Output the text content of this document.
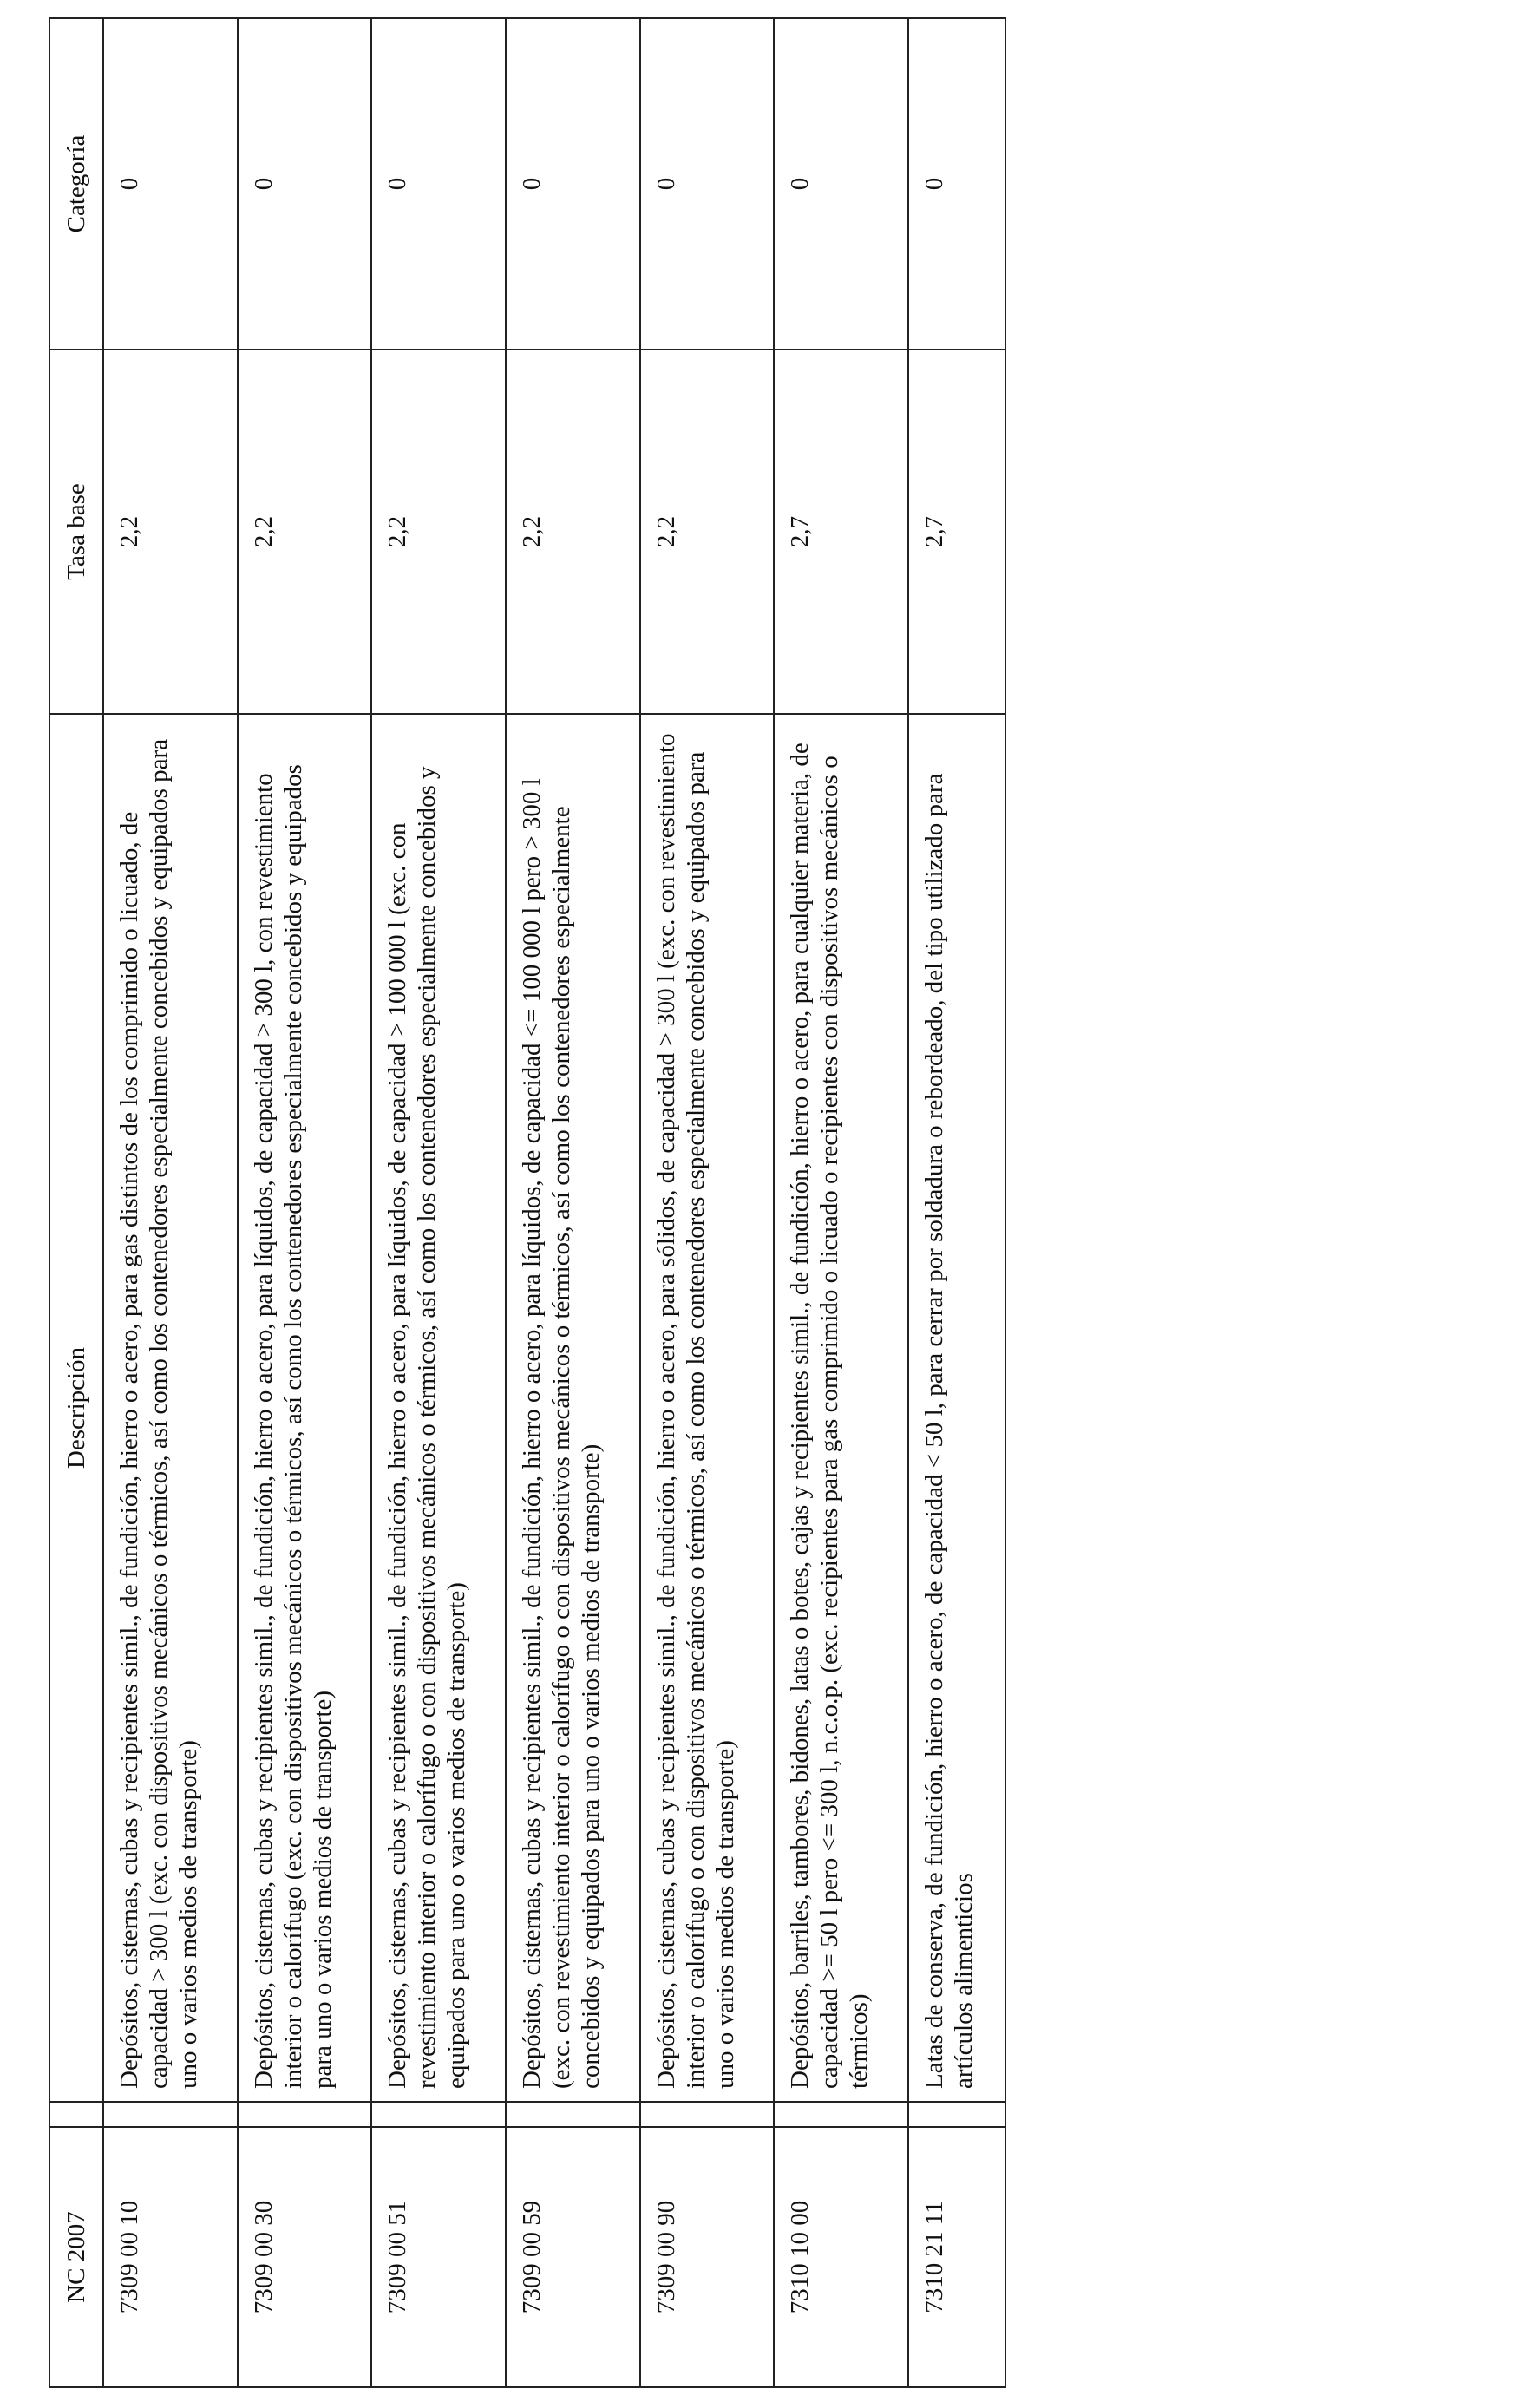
NC 2007		Descripción	Tasa base	Categoría
7309 00 10		Depósitos, cisternas, cubas y recipientes simil., de fundición, hierro o acero, para gas distintos de los comprimido o licuado, de capacidad > 300 l (exc. con dispositivos mecánicos o térmicos, así como los contenedores especialmente concebidos y equipados para uno o varios medios de transporte)	2,2	0
7309 00 30		Depósitos, cisternas, cubas y recipientes simil., de fundición, hierro o acero, para líquidos, de capacidad > 300 l, con revestimiento interior o calorífugo (exc. con dispositivos mecánicos o térmicos, así como los contenedores especialmente concebidos y equipados para uno o varios medios de transporte)	2,2	0
7309 00 51		Depósitos, cisternas, cubas y recipientes simil., de fundición, hierro o acero, para líquidos, de capacidad > 100 000 l (exc. con revestimiento interior o calorífugo o con dispositivos mecánicos o térmicos, así como los contenedores especialmente concebidos y equipados para uno o varios medios de transporte)	2,2	0
7309 00 59		Depósitos, cisternas, cubas y recipientes simil., de fundición, hierro o acero, para líquidos, de capacidad <= 100 000 l pero > 300 l (exc. con revestimiento interior o calorífugo o con dispositivos mecánicos o térmicos, así como los contenedores especialmente concebidos y equipados para uno o varios medios de transporte)	2,2	0
7309 00 90		Depósitos, cisternas, cubas y recipientes simil., de fundición, hierro o acero, para sólidos, de capacidad > 300 l (exc. con revestimiento interior o calorífugo o con dispositivos mecánicos o térmicos, así como los contenedores especialmente concebidos y equipados para uno o varios medios de transporte)	2,2	0
7310 10 00		Depósitos, barriles, tambores, bidones, latas o botes, cajas y recipientes simil., de fundición, hierro o acero, para cualquier materia, de capacidad >= 50 l pero <= 300 l, n.c.o.p. (exc. recipientes para gas comprimido o licuado o recipientes con dispositivos mecánicos o térmicos)	2,7	0
7310 21 11		Latas de conserva, de fundición, hierro o acero, de capacidad < 50 l, para cerrar por soldadura o rebordeado, del tipo utilizado para artículos alimenticios	2,7	0
